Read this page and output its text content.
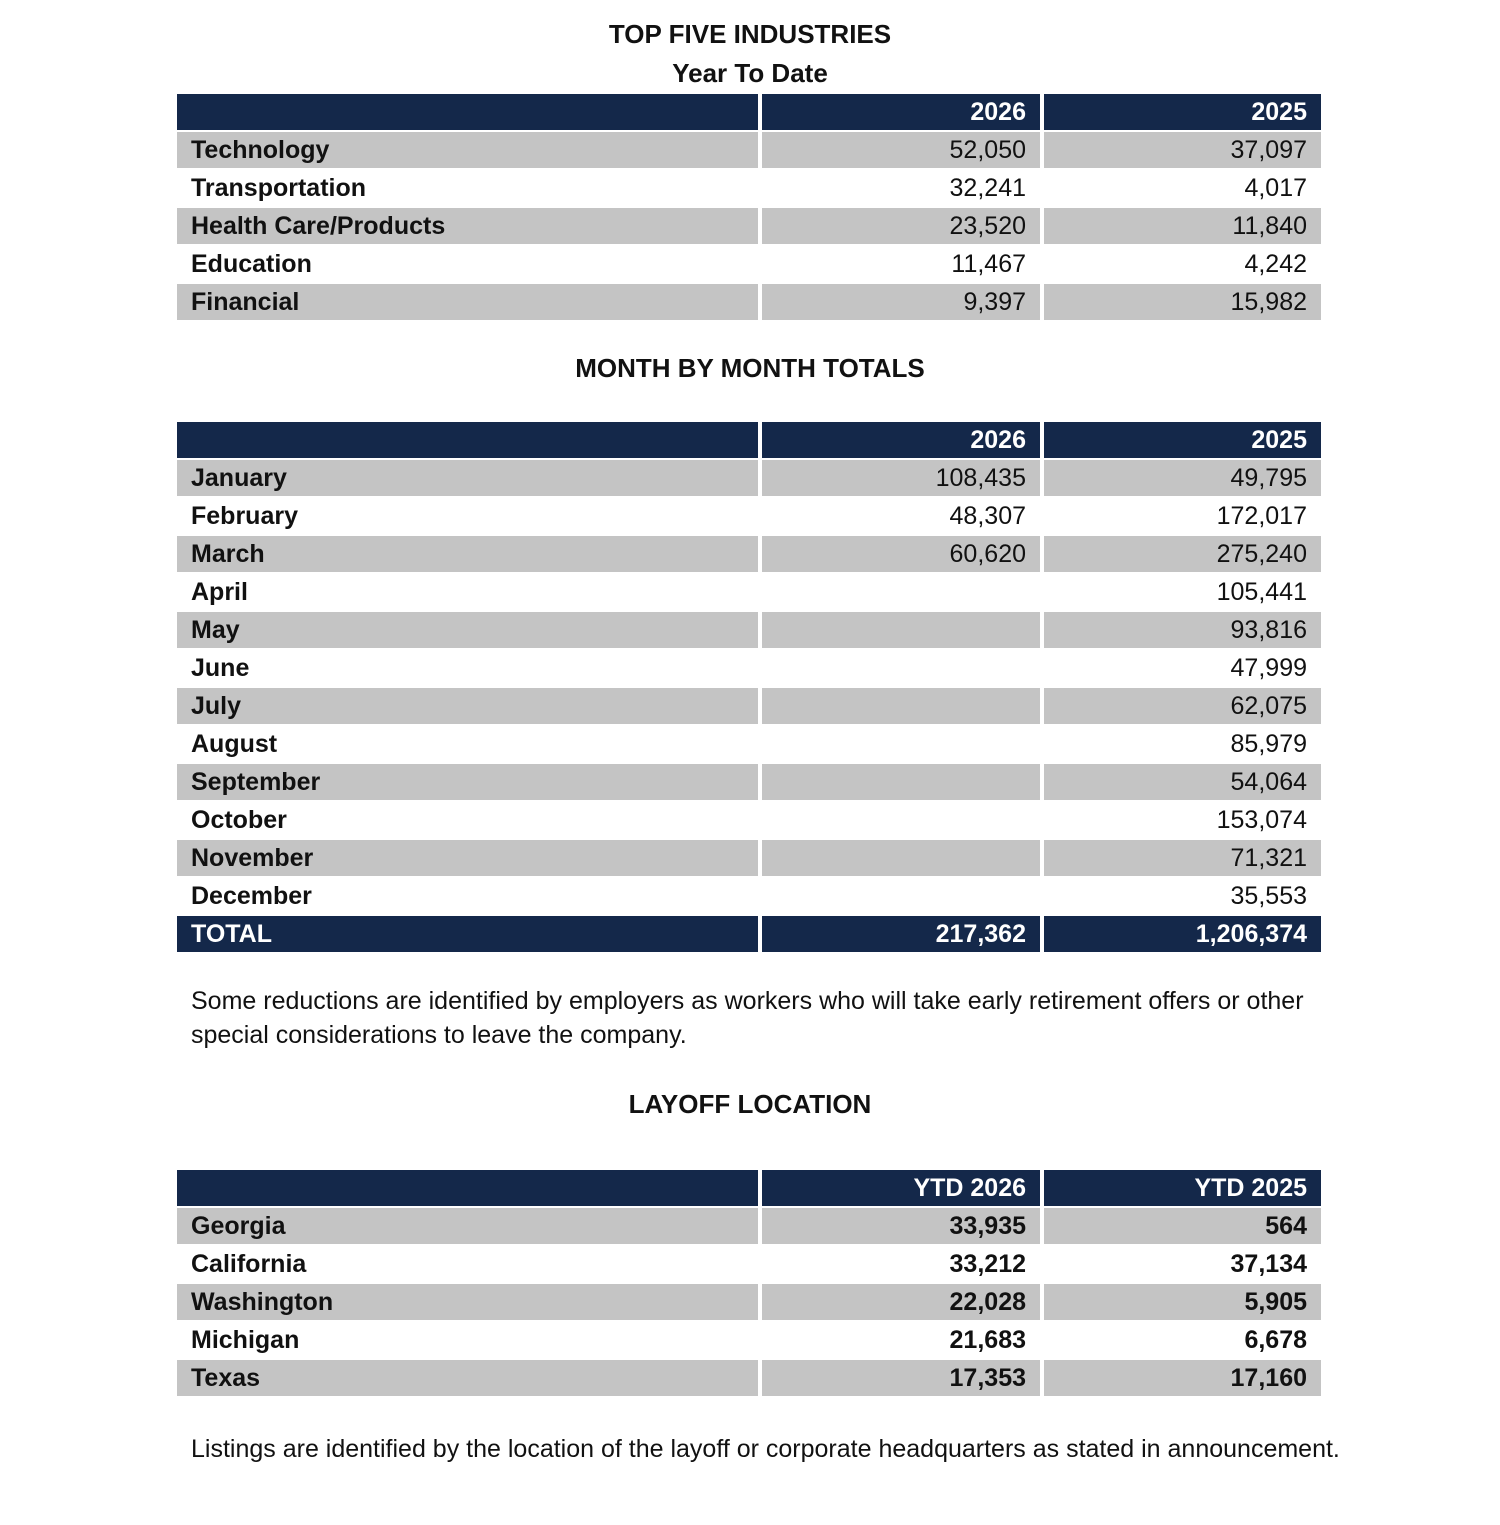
TOP FIVE INDUSTRIES
Year To Date
	2026	2025
Technology	52,050	37,097
Transportation	32,241	4,017
Health Care/Products	23,520	11,840
Education	11,467	4,242
Financial	9,397	15,982
MONTH BY MONTH TOTALS
	2026	2025
January	108,435	49,795
February	48,307	172,017
March	60,620	275,240
April		105,441
May		93,816
June		47,999
July		62,075
August		85,979
September		54,064
October		153,074
November		71,321
December		35,553
TOTAL	217,362	1,206,374
Some reductions are identified by employers as workers who will take early retirement offers or other special considerations to leave the company.
LAYOFF LOCATION
	YTD 2026	YTD 2025
Georgia	33,935	564
California	33,212	37,134
Washington	22,028	5,905
Michigan	21,683	6,678
Texas	17,353	17,160
Listings are identified by the location of the layoff or corporate headquarters as stated in announcement.
